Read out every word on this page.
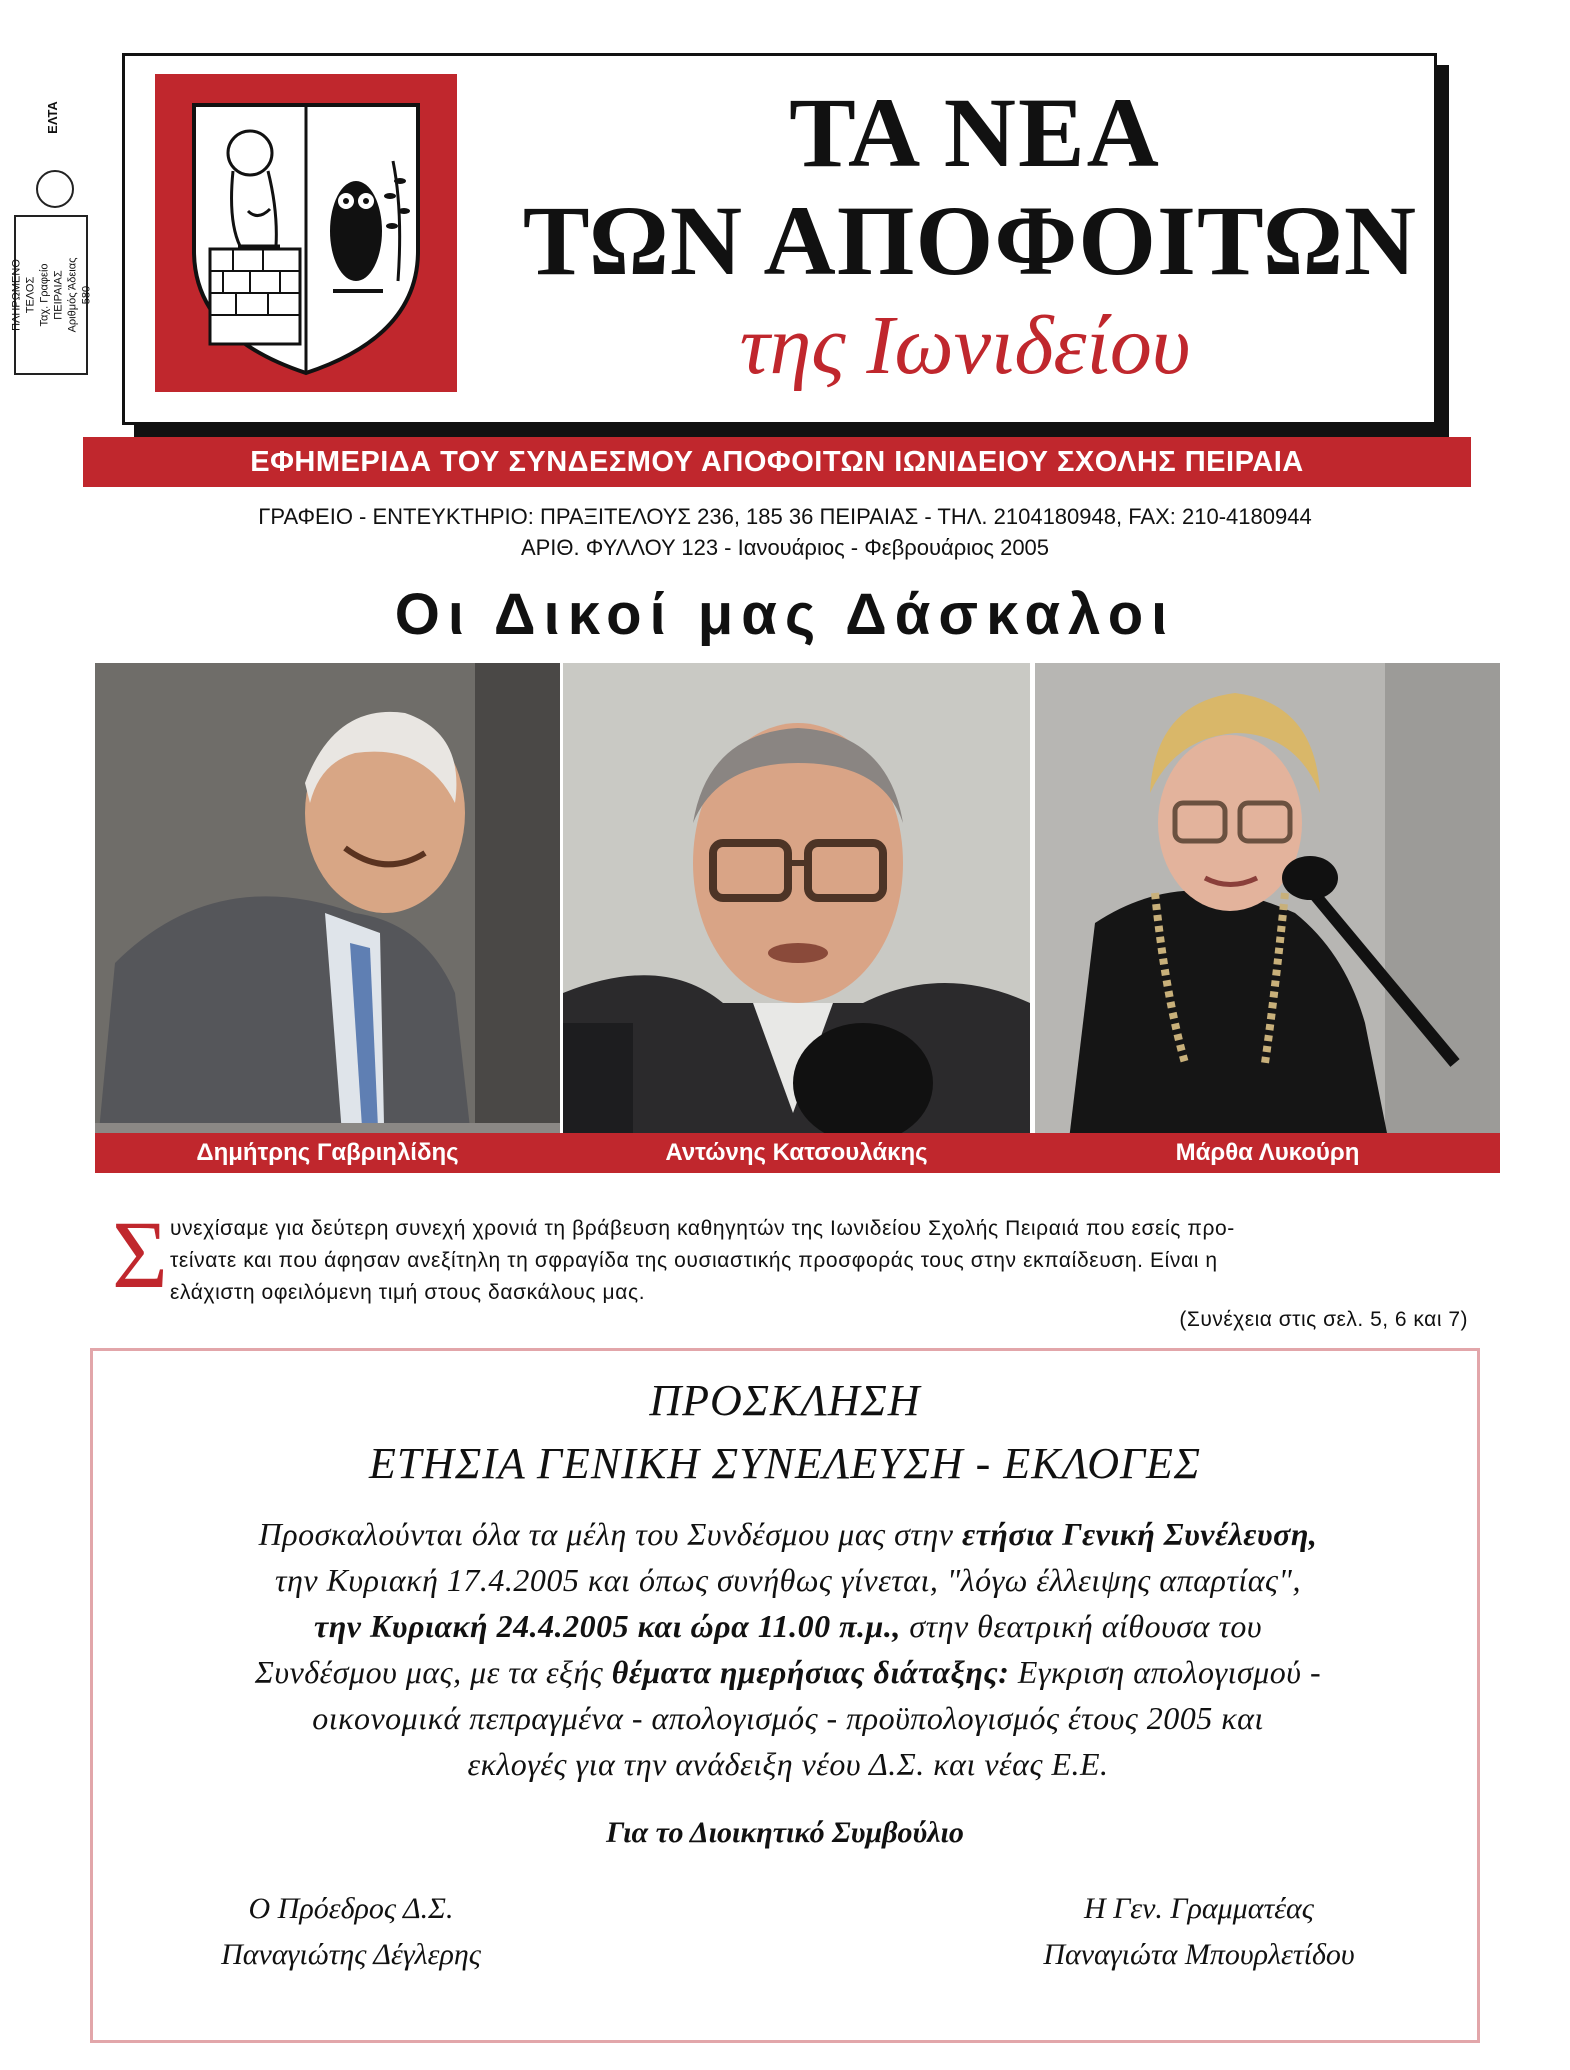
ΕΛΤΑ
ΠΛΗΡΩΜΕΝΟ ΤΕΛΟΣ Ταχ. Γραφείο ΠΕΙΡΑΙΑΣ Αριθμός Άδειας 580
ΤΑ ΝΕΑ
ΤΩΝ ΑΠΟΦΟΙΤΩΝ
της Ιωνιδείου
ΕΦΗΜΕΡΙΔΑ ΤΟΥ ΣΥΝΔΕΣΜΟΥ ΑΠΟΦΟΙΤΩΝ ΙΩΝΙΔΕΙΟΥ ΣΧΟΛΗΣ ΠΕΙΡΑΙΑ
ΓΡΑΦΕΙΟ - ΕΝΤΕΥΚΤΗΡΙΟ: ΠΡΑΞΙΤΕΛΟΥΣ 236, 185 36 ΠΕΙΡΑΙΑΣ - ΤΗΛ. 2104180948, FAX: 210-4180944
ΑΡΙΘ. ΦΥΛΛΟΥ 123 - Ιανουάριος - Φεβρουάριος 2005
Οι Δικοί μας Δάσκαλοι
Δημήτρης Γαβριηλίδης	Αντώνης Κατσουλάκης	Μάρθα Λυκούρη
Σ υνεχίσαμε για δεύτερη συνεχή χρονιά τη βράβευση καθηγητών της Ιωνιδείου Σχολής Πειραιά που εσείς προ-
τείνατε και που άφησαν ανεξίτηλη τη σφραγίδα της ουσιαστικής προσφοράς τους στην εκπαίδευση. Είναι η
ελάχιστη οφειλόμενη τιμή στους δασκάλους μας.
(Συνέχεια στις σελ. 5, 6 και 7)
ΠΡΟΣΚΛΗΣΗ
ΕΤΗΣΙΑ ΓΕΝΙΚΗ ΣΥΝΕΛΕΥΣΗ - ΕΚΛΟΓΕΣ
Προσκαλούνται όλα τα μέλη του Συνδέσμου μας στην ετήσια Γενική Συνέλευση,
την Κυριακή 17.4.2005 και όπως συνήθως γίνεται, "λόγω έλλειψης απαρτίας",
την Κυριακή 24.4.2005 και ώρα 11.00 π.μ., στην θεατρική αίθουσα του
Συνδέσμου μας, με τα εξής θέματα ημερήσιας διάταξης: Εγκριση απολογισμού -
οικονομικά πεπραγμένα - απολογισμός - προϋπολογισμός έτους 2005 και
εκλογές για την ανάδειξη νέου Δ.Σ. και νέας Ε.Ε.
Για το Διοικητικό Συμβούλιο
Ο Πρόεδρος Δ.Σ.
Παναγιώτης Δέγλερης
Η Γεν. Γραμματέας
Παναγιώτα Μπουρλετίδου
